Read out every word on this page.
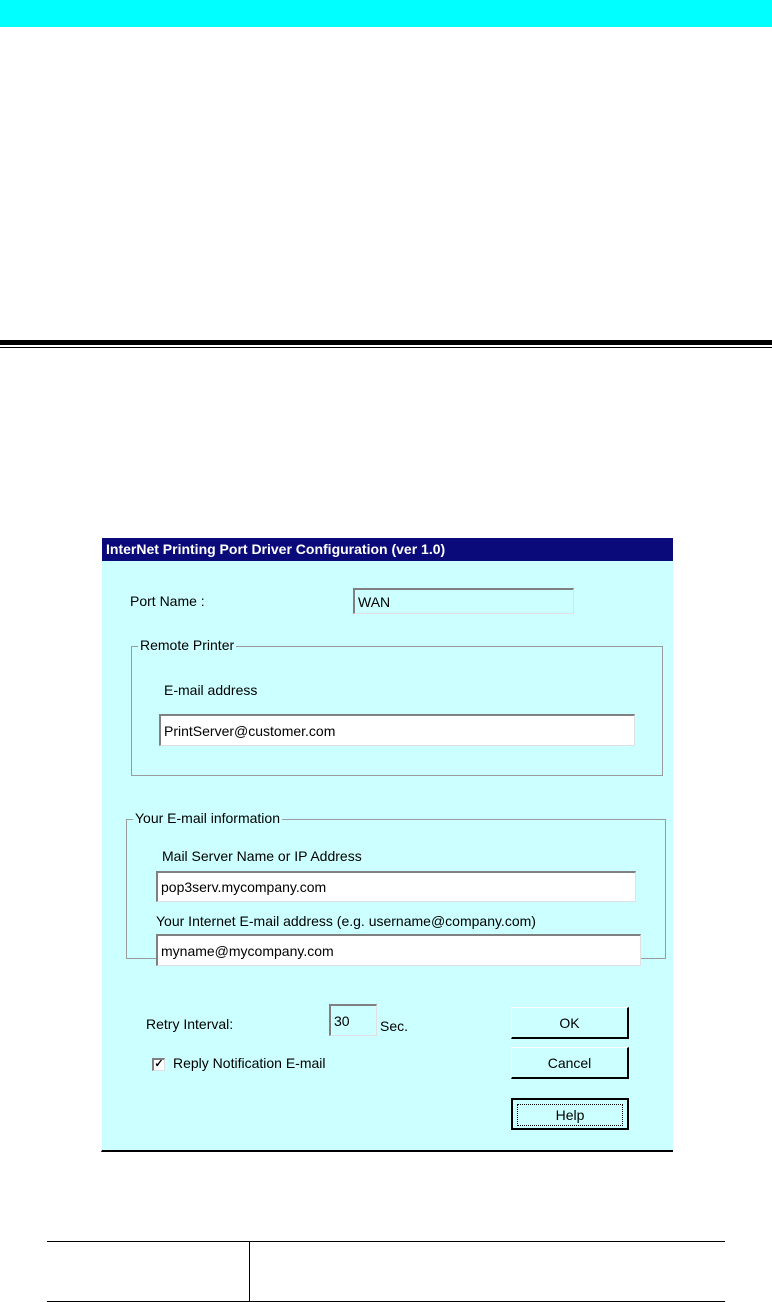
InterNet Printing Port Driver Configuration (ver 1.0)
Port Name :
WAN
Remote Printer
E-mail address
PrintServer@customer.com
Your E-mail information
Mail Server Name or IP Address
pop3serv.mycompany.com
Your Internet E-mail address (e.g. username@company.com)
myname@mycompany.com
Retry Interval:
30	Sec.
✓ Reply Notification E-mail
OK
Cancel
Help
